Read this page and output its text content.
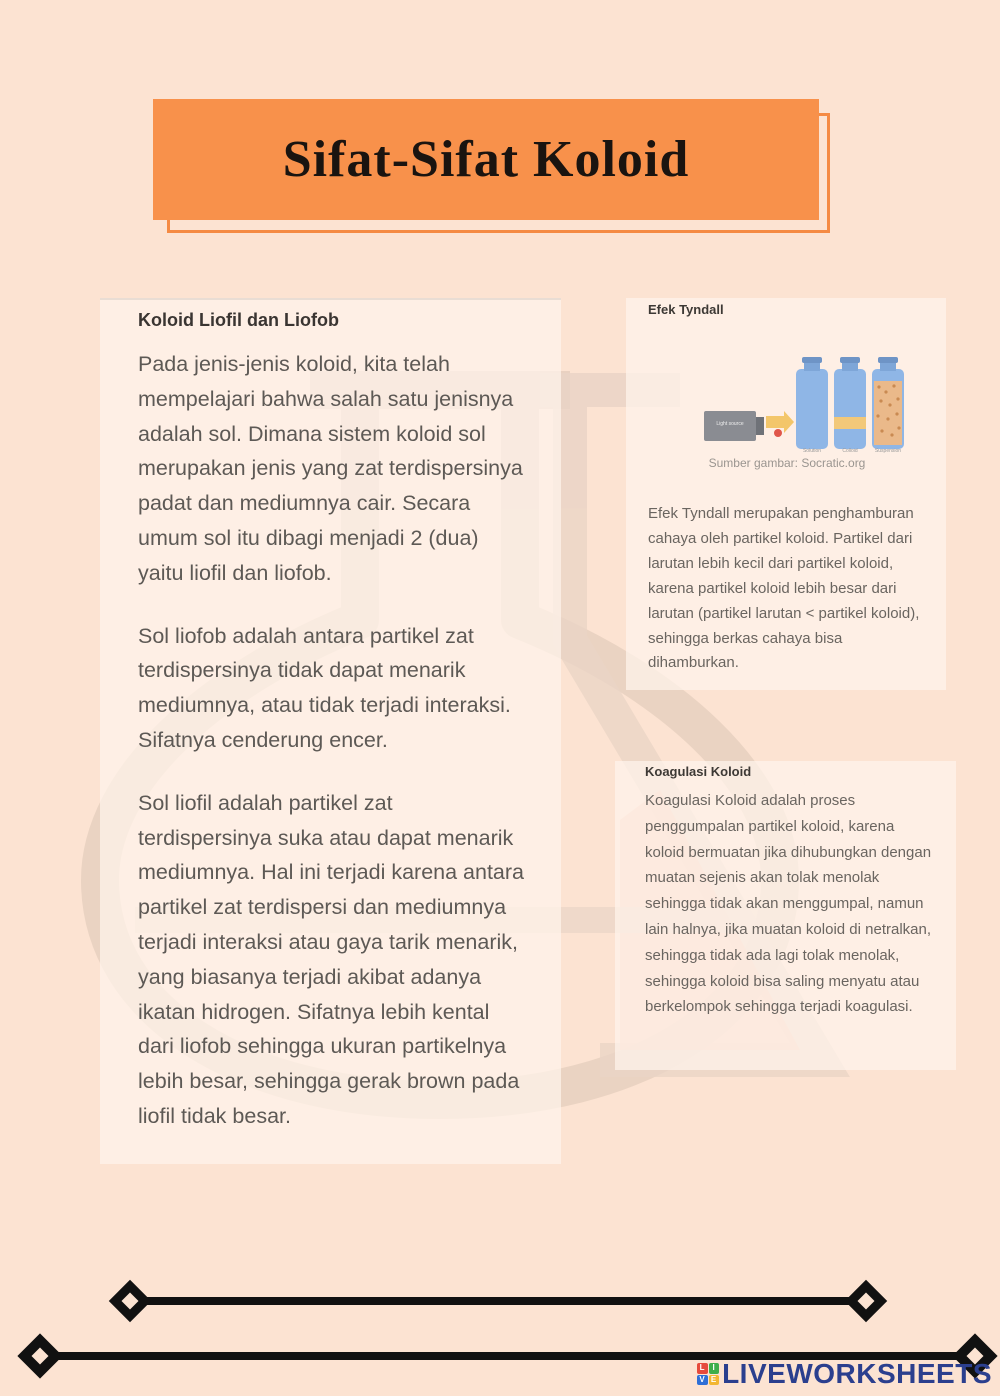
Sifat-Sifat Koloid
Koloid Liofil dan Liofob

Pada jenis-jenis koloid, kita telah mempelajari bahwa salah satu jenisnya adalah sol. Dimana sistem koloid sol merupakan jenis yang zat terdispersinya padat dan mediumnya cair. Secara umum sol itu dibagi menjadi 2 (dua) yaitu liofil dan liofob.

Sol liofob adalah antara partikel zat terdispersinya tidak dapat menarik mediumnya, atau tidak terjadi interaksi. Sifatnya cenderung encer.

Sol liofil adalah partikel zat terdispersinya suka atau dapat menarik mediumnya. Hal ini terjadi karena antara partikel zat terdispersi dan mediumnya terjadi interaksi atau gaya tarik menarik, yang biasanya terjadi akibat adanya ikatan hidrogen. Sifatnya lebih kental dari liofob sehingga ukuran partikelnya lebih besar, sehingga gerak brown pada liofil tidak besar.

Efek Tyndall
Light source
Solution	Colloid	Suspension
Sumber gambar: Socratic.org

Efek Tyndall merupakan penghamburan cahaya oleh partikel koloid. Partikel dari larutan lebih kecil dari partikel koloid, karena partikel koloid lebih besar dari larutan (partikel larutan < partikel koloid), sehingga berkas cahaya bisa dihamburkan.

Koagulasi Koloid

Koagulasi Koloid adalah proses penggumpalan partikel koloid, karena koloid bermuatan jika dihubungkan dengan muatan sejenis akan tolak menolak sehingga tidak akan menggumpal, namun lain halnya, jika muatan koloid di netralkan, sehingga tidak ada lagi tolak menolak, sehingga koloid bisa saling menyatu atau berkelompok sehingga terjadi koagulasi.

L I
V E LIVEWORKSHEETS
